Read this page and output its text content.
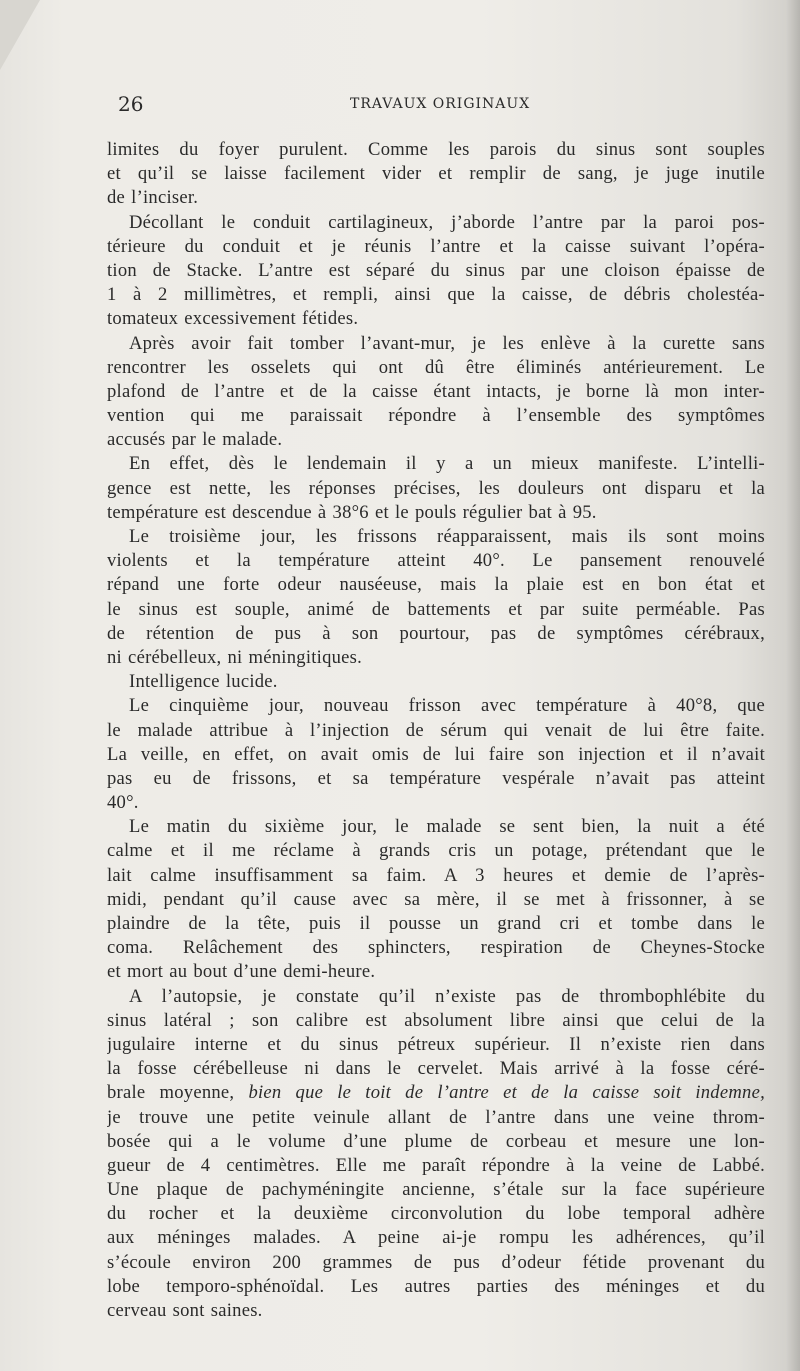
26	TRAVAUX ORIGINAUX
limites du foyer purulent. Comme les parois du sinus sont souples
et qu’il se laisse facilement vider et remplir de sang, je juge inutile
de l’inciser.
Décollant le conduit cartilagineux, j’aborde l’antre par la paroi pos-
térieure du conduit et je réunis l’antre et la caisse suivant l’opéra-
tion de Stacke. L’antre est séparé du sinus par une cloison épaisse de
1 à 2 millimètres, et rempli, ainsi que la caisse, de débris cholestéa-
tomateux excessivement fétides.
Après avoir fait tomber l’avant-mur, je les enlève à la curette sans
rencontrer les osselets qui ont dû être éliminés antérieurement. Le
plafond de l’antre et de la caisse étant intacts, je borne là mon inter-
vention qui me paraissait répondre à l’ensemble des symptômes
accusés par le malade.
En effet, dès le lendemain il y a un mieux manifeste. L’intelli-
gence est nette, les réponses précises, les douleurs ont disparu et la
température est descendue à 38°6 et le pouls régulier bat à 95.
Le troisième jour, les frissons réapparaissent, mais ils sont moins
violents et la température atteint 40°. Le pansement renouvelé
répand une forte odeur nauséeuse, mais la plaie est en bon état et
le sinus est souple, animé de battements et par suite perméable. Pas
de rétention de pus à son pourtour, pas de symptômes cérébraux,
ni cérébelleux, ni méningitiques.
Intelligence lucide.
Le cinquième jour, nouveau frisson avec température à 40°8, que
le malade attribue à l’injection de sérum qui venait de lui être faite.
La veille, en effet, on avait omis de lui faire son injection et il n’avait
pas eu de frissons, et sa température vespérale n’avait pas atteint
40°.
Le matin du sixième jour, le malade se sent bien, la nuit a été
calme et il me réclame à grands cris un potage, prétendant que le
lait calme insuffisamment sa faim. A 3 heures et demie de l’après-
midi, pendant qu’il cause avec sa mère, il se met à frissonner, à se
plaindre de la tête, puis il pousse un grand cri et tombe dans le
coma. Relâchement des sphincters, respiration de Cheynes-Stocke
et mort au bout d’une demi-heure.
A l’autopsie, je constate qu’il n’existe pas de thrombophlébite du
sinus latéral ; son calibre est absolument libre ainsi que celui de la
jugulaire interne et du sinus pétreux supérieur. Il n’existe rien dans
la fosse cérébelleuse ni dans le cervelet. Mais arrivé à la fosse céré-
brale moyenne, bien que le toit de l’antre et de la caisse soit indemne,
je trouve une petite veinule allant de l’antre dans une veine throm-
bosée qui a le volume d’une plume de corbeau et mesure une lon-
gueur de 4 centimètres. Elle me paraît répondre à la veine de Labbé.
Une plaque de pachyméningite ancienne, s’étale sur la face supérieure
du rocher et la deuxième circonvolution du lobe temporal adhère
aux méninges malades. A peine ai-je rompu les adhérences, qu’il
s’écoule environ 200 grammes de pus d’odeur fétide provenant du
lobe temporo-sphénoïdal. Les autres parties des méninges et du
cerveau sont saines.
